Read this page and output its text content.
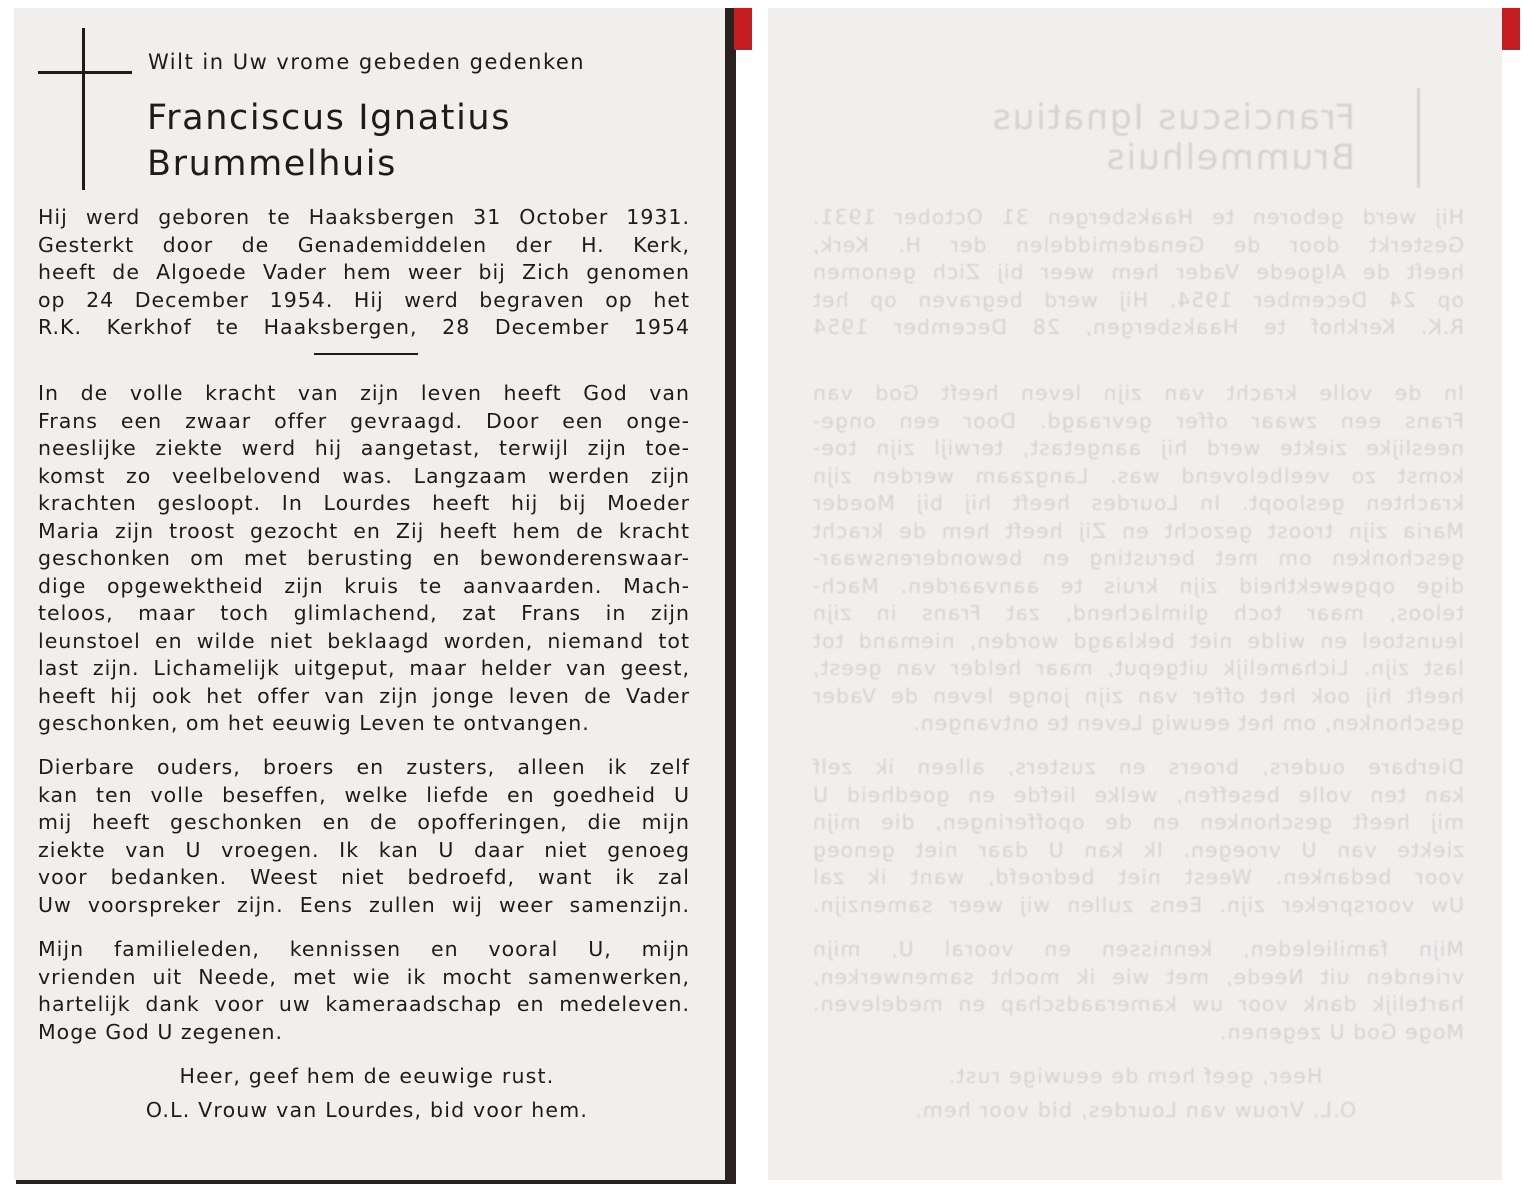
Wilt in Uw vrome gebeden gedenken
Franciscus Ignatius
Brummelhuis
Hij werd geboren te Haaksbergen 31 October 1931.
Gesterkt door de Genademiddelen der H. Kerk,
heeft de Algoede Vader hem weer bij Zich genomen
op 24 December 1954. Hij werd begraven op het
R.K. Kerkhof te Haaksbergen, 28 December 1954
In de volle kracht van zijn leven heeft God van
Frans een zwaar offer gevraagd. Door een onge-
neeslijke ziekte werd hij aangetast, terwijl zijn toe-
komst zo veelbelovend was. Langzaam werden zijn
krachten gesloopt. In Lourdes heeft hij bij Moeder
Maria zijn troost gezocht en Zij heeft hem de kracht
geschonken om met berusting en bewonderenswaar-
dige opgewektheid zijn kruis te aanvaarden. Mach-
teloos, maar toch glimlachend, zat Frans in zijn
leunstoel en wilde niet beklaagd worden, niemand tot
last zijn. Lichamelijk uitgeput, maar helder van geest,
heeft hij ook het offer van zijn jonge leven de Vader
geschonken, om het eeuwig Leven te ontvangen.
Dierbare ouders, broers en zusters, alleen ik zelf
kan ten volle beseffen, welke liefde en goedheid U
mij heeft geschonken en de opofferingen, die mijn
ziekte van U vroegen. Ik kan U daar niet genoeg
voor bedanken. Weest niet bedroefd, want ik zal
Uw voorspreker zijn. Eens zullen wij weer samenzijn.
Mijn familieleden, kennissen en vooral U, mijn
vrienden uit Neede, met wie ik mocht samenwerken,
hartelijk dank voor uw kameraadschap en medeleven.
Moge God U zegenen.
Heer, geef hem de eeuwige rust.
O.L. Vrouw van Lourdes, bid voor hem.
Franciscus Ignatius
Brummelhuis
Hij werd geboren te Haaksbergen 31 October 1931.
Gesterkt door de Genademiddelen der H. Kerk,
heeft de Algoede Vader hem weer bij Zich genomen
op 24 December 1954. Hij werd begraven op het
R.K. Kerkhof te Haaksbergen, 28 December 1954
In de volle kracht van zijn leven heeft God van
Frans een zwaar offer gevraagd. Door een onge-
neeslijke ziekte werd hij aangetast, terwijl zijn toe-
komst zo veelbelovend was. Langzaam werden zijn
krachten gesloopt. In Lourdes heeft hij bij Moeder
Maria zijn troost gezocht en Zij heeft hem de kracht
geschonken om met berusting en bewonderenswaar-
dige opgewektheid zijn kruis te aanvaarden. Mach-
teloos, maar toch glimlachend, zat Frans in zijn
leunstoel en wilde niet beklaagd worden, niemand tot
last zijn. Lichamelijk uitgeput, maar helder van geest,
heeft hij ook het offer van zijn jonge leven de Vader
geschonken, om het eeuwig Leven te ontvangen.
Dierbare ouders, broers en zusters, alleen ik zelf
kan ten volle beseffen, welke liefde en goedheid U
mij heeft geschonken en de opofferingen, die mijn
ziekte van U vroegen. Ik kan U daar niet genoeg
voor bedanken. Weest niet bedroefd, want ik zal
Uw voorspreker zijn. Eens zullen wij weer samenzijn.
Mijn familieleden, kennissen en vooral U, mijn
vrienden uit Neede, met wie ik mocht samenwerken,
hartelijk dank voor uw kameraadschap en medeleven.
Moge God U zegenen.
Heer, geef hem de eeuwige rust.
O.L. Vrouw van Lourdes, bid voor hem.
